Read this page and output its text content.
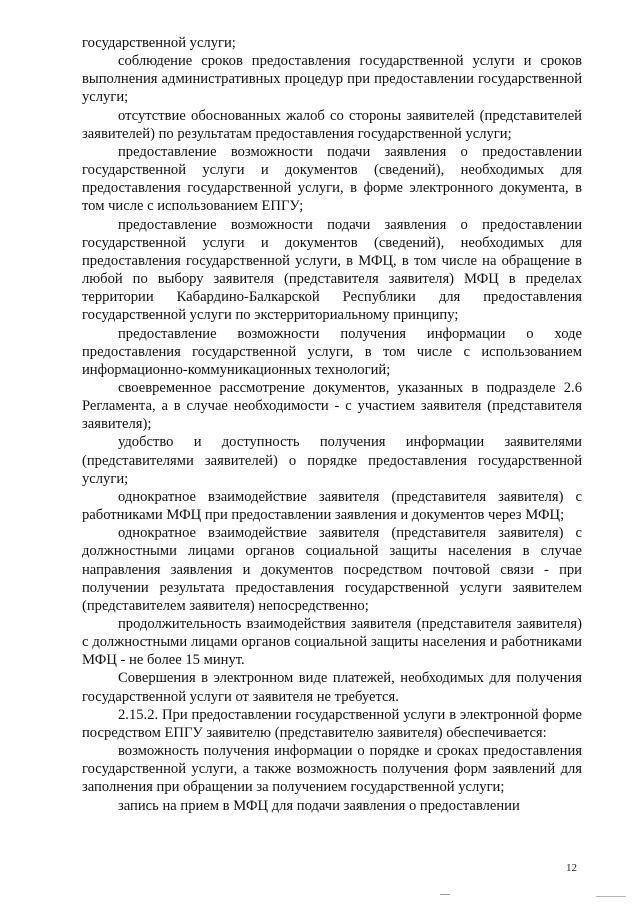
государственной услуги;

соблюдение сроков предоставления государственной услуги и сроков выполнения административных процедур при предоставлении государственной услуги;

отсутствие обоснованных жалоб со стороны заявителей (представителей заявителей) по результатам предоставления государственной услуги;

предоставление возможности подачи заявления о предоставлении государственной услуги и документов (сведений), необходимых для предоставления государственной услуги, в форме электронного документа, в том числе с использованием ЕПГУ;

предоставление возможности подачи заявления о предоставлении государственной услуги и документов (сведений), необходимых для предоставления государственной услуги, в МФЦ, в том числе на обращение в любой по выбору заявителя (представителя заявителя) МФЦ в пределах территории Кабардино-Балкарской Республики для предоставления государственной услуги по экстерриториальному принципу;

предоставление возможности получения информации о ходе предоставления государственной услуги, в том числе с использованием информационно-коммуникационных технологий;

своевременное рассмотрение документов, указанных в подразделе 2.6 Регламента, а в случае необходимости - с участием заявителя (представителя заявителя);

удобство и доступность получения информации заявителями (представителями заявителей) о порядке предоставления государственной услуги;

однократное взаимодействие заявителя (представителя заявителя) с работниками МФЦ при предоставлении заявления и документов через МФЦ;

однократное взаимодействие заявителя (представителя заявителя) с должностными лицами органов социальной защиты населения в случае направления заявления и документов посредством почтовой связи - при получении результата предоставления государственной услуги заявителем (представителем заявителя) непосредственно;

продолжительность взаимодействия заявителя (представителя заявителя) с должностными лицами органов социальной защиты населения и работниками МФЦ - не более 15 минут.

Совершения в электронном виде платежей, необходимых для получения государственной услуги от заявителя не требуется.

2.15.2. При предоставлении государственной услуги в электронной форме посредством ЕПГУ заявителю (представителю заявителя) обеспечивается:

возможность получения информации о порядке и сроках предоставления государственной услуги, а также возможность получения форм заявлений для заполнения при обращении за получением государственной услуги;

запись на прием в МФЦ для подачи заявления о предоставлении

12
